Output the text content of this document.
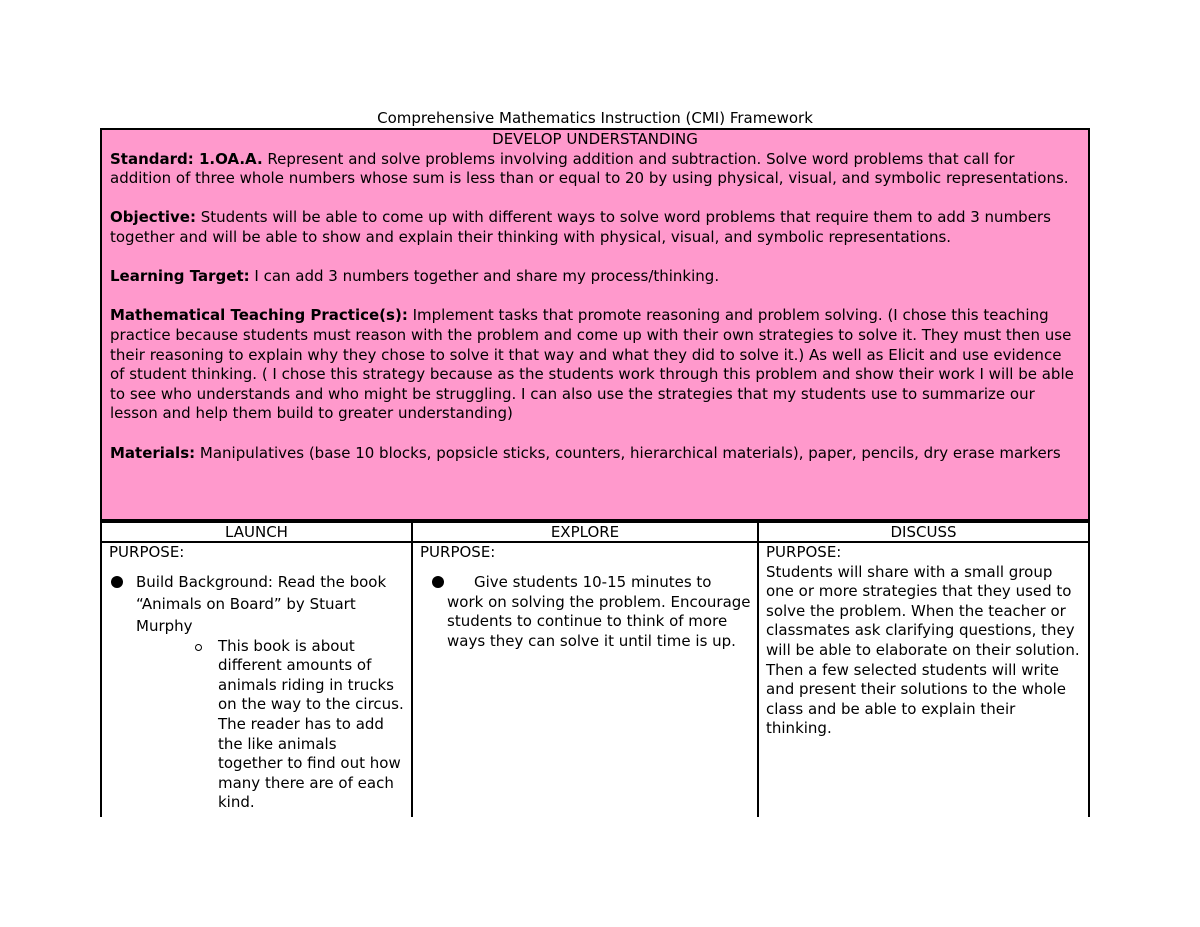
Comprehensive Mathematics Instruction (CMI) Framework
DEVELOP UNDERSTANDING

Standard: 1.OA.A. Represent and solve problems involving addition and subtraction. Solve word problems that call for addition of three whole numbers whose sum is less than or equal to 20 by using physical, visual, and symbolic representations.

Objective: Students will be able to come up with different ways to solve word problems that require them to add 3 numbers together and will be able to show and explain their thinking with physical, visual, and symbolic representations.

Learning Target: I can add 3 numbers together and share my process/thinking.

Mathematical Teaching Practice(s): Implement tasks that promote reasoning and problem solving. (I chose this teaching practice because students must reason with the problem and come up with their own strategies to solve it. They must then use their reasoning to explain why they chose to solve it that way and what they did to solve it.) As well as Elicit and use evidence of student thinking. ( I chose this strategy because as the students work through this problem and show their work I will be able to see who understands and who might be struggling. I can also use the strategies that my students use to summarize our lesson and help them build to greater understanding)

Materials: Manipulatives (base 10 blocks, popsicle sticks, counters, hierarchical materials), paper, pencils, dry erase markers

LAUNCH
PURPOSE:
Build Background: Read the book “Animals on Board” by Stuart Murphy
This book is about different amounts of animals riding in trucks on the way to the circus. The reader has to add the like animals together to find out how many there are of each kind.
EXPLORE
PURPOSE:
Give students 10-15 minutes to
work on solving the problem. Encourage students to continue to think of more ways they can solve it until time is up.
DISCUSS
PURPOSE:
Students will share with a small group one or more strategies that they used to solve the problem. When the teacher or classmates ask clarifying questions, they will be able to elaborate on their solution. Then a few selected students will write and present their solutions to the whole class and be able to explain their thinking.
